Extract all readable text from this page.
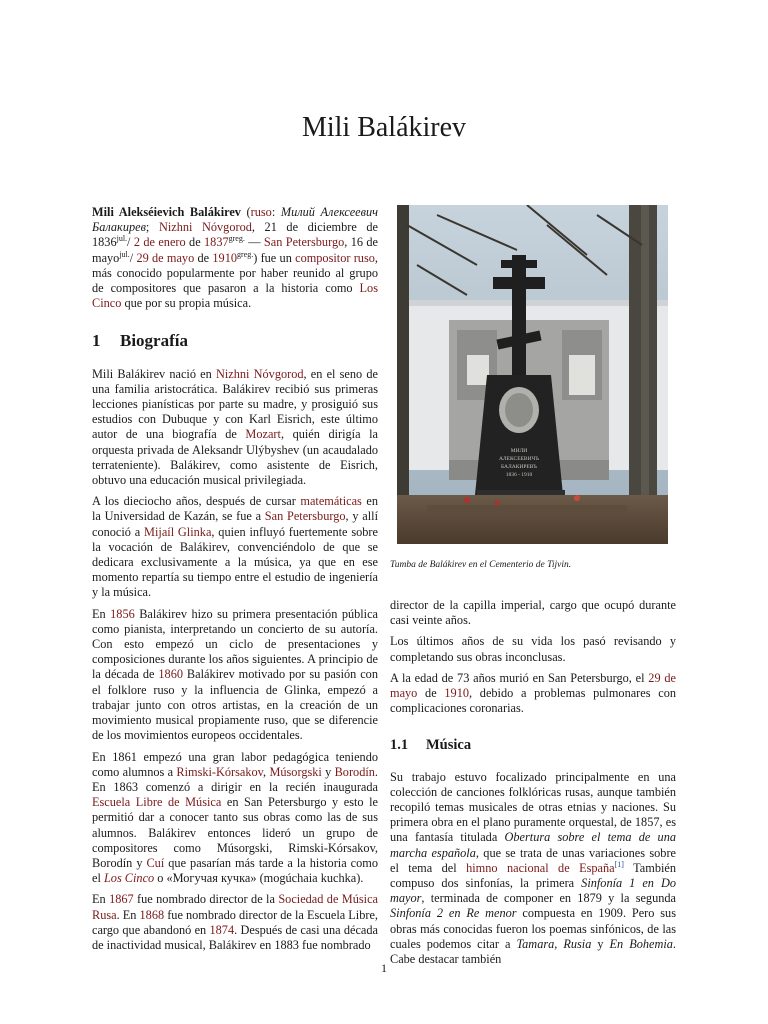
Mili Balákirev

Mili Alekséievich Balákirev (ruso: Милий Алексеевич Балакирев; Nizhni Nóvgorod, 21 de diciembre de $1836^{jul.}/$ 2 de enero de $1837^{greg.}$ — San Petersburgo, 16 de mayo$^{jul.}$/ 29 de mayo de $1910^{greg.}$) fue un compositor ruso, más conocido popularmente por haber reunido al grupo de compositores que pasaron a la historia como Los Cinco que por su propia música.

1 Biografía

Mili Balákirev nació en Nizhni Nóvgorod, en el seno de una familia aristocrática. Balákirev recibió sus primeras lecciones pianísticas por parte su madre, y prosiguió sus estudios con Dubuque y con Karl Eisrich, este último autor de una biografía de Mozart, quién dirigía la orquesta privada de Aleksandr Ulýbyshev (un acaudalado terrateniente). Balákirev, como asistente de Eisrich, obtuvo una educación musical privilegiada.

A los dieciocho años, después de cursar matemáticas en la Universidad de Kazán, se fue a San Petersburgo, y allí conoció a Mijaíl Glinka, quien influyó fuertemente sobre la vocación de Balákirev, convenciéndolo de que se dedicara exclusivamente a la música, ya que en ese momento repartía su tiempo entre el estudio de ingeniería y la música.

En 1856 Balákirev hizo su primera presentación pública como pianista, interpretando un concierto de su autoría. Con esto empezó un ciclo de presentaciones y composiciones durante los años siguientes. A principio de la década de 1860 Balákirev motivado por su pasión con el folklore ruso y la influencia de Glinka, empezó a trabajar junto con otros artistas, en la creación de un movimiento musical propiamente ruso, que se diferencie de los movimientos europeos occidentales.

En 1861 empezó una gran labor pedagógica teniendo como alumnos a Rimski-Kórsakov, Músorgski y Borodín. En 1863 comenzó a dirigir en la recién inaugurada Escuela Libre de Música en San Petersburgo y esto le permitió dar a conocer tanto sus obras como las de sus alumnos. Balákirev entonces lideró un grupo de compositores como Músorgski, Rimski-Kórsakov, Borodín y Cuí que pasarían más tarde a la historia como el Los Cinco o «Могучая кучка» (mogúchaia kuchka).

En 1867 fue nombrado director de la Sociedad de Música Rusa. En 1868 fue nombrado director de la Escuela Libre, cargo que abandonó en 1874. Después de casi una década de inactividad musical, Balákirev en 1883 fue nombrado

МИЛИ
АЛЕКСЕЕВИЧЪ
БАЛАКИРЕВЪ
1836 - 1910
Tumba de Balákirev en el Cementerio de Tijvin.

director de la capilla imperial, cargo que ocupó durante casi veinte años.

Los últimos años de su vida los pasó revisando y completando sus obras inconclusas.

A la edad de 73 años murió en San Petersburgo, el 29 de mayo de 1910, debido a problemas pulmonares con complicaciones coronarias.

1.1 Música

Su trabajo estuvo focalizado principalmente en una colección de canciones folklóricas rusas, aunque también recopiló temas musicales de otras etnias y naciones. Su primera obra en el plano puramente orquestal, de 1857, es una fantasía titulada Obertura sobre el tema de una marcha española, que se trata de unas variaciones sobre el tema del himno nacional de España[1] También compuso dos sinfonías, la primera Sinfonía 1 en Do mayor, terminada de componer en 1879 y la segunda Sinfonía 2 en Re menor compuesta en 1909. Pero sus obras más conocidas fueron los poemas sinfónicos, de las cuales podemos citar a Tamara, Rusia y En Bohemia. Cabe destacar también

1
